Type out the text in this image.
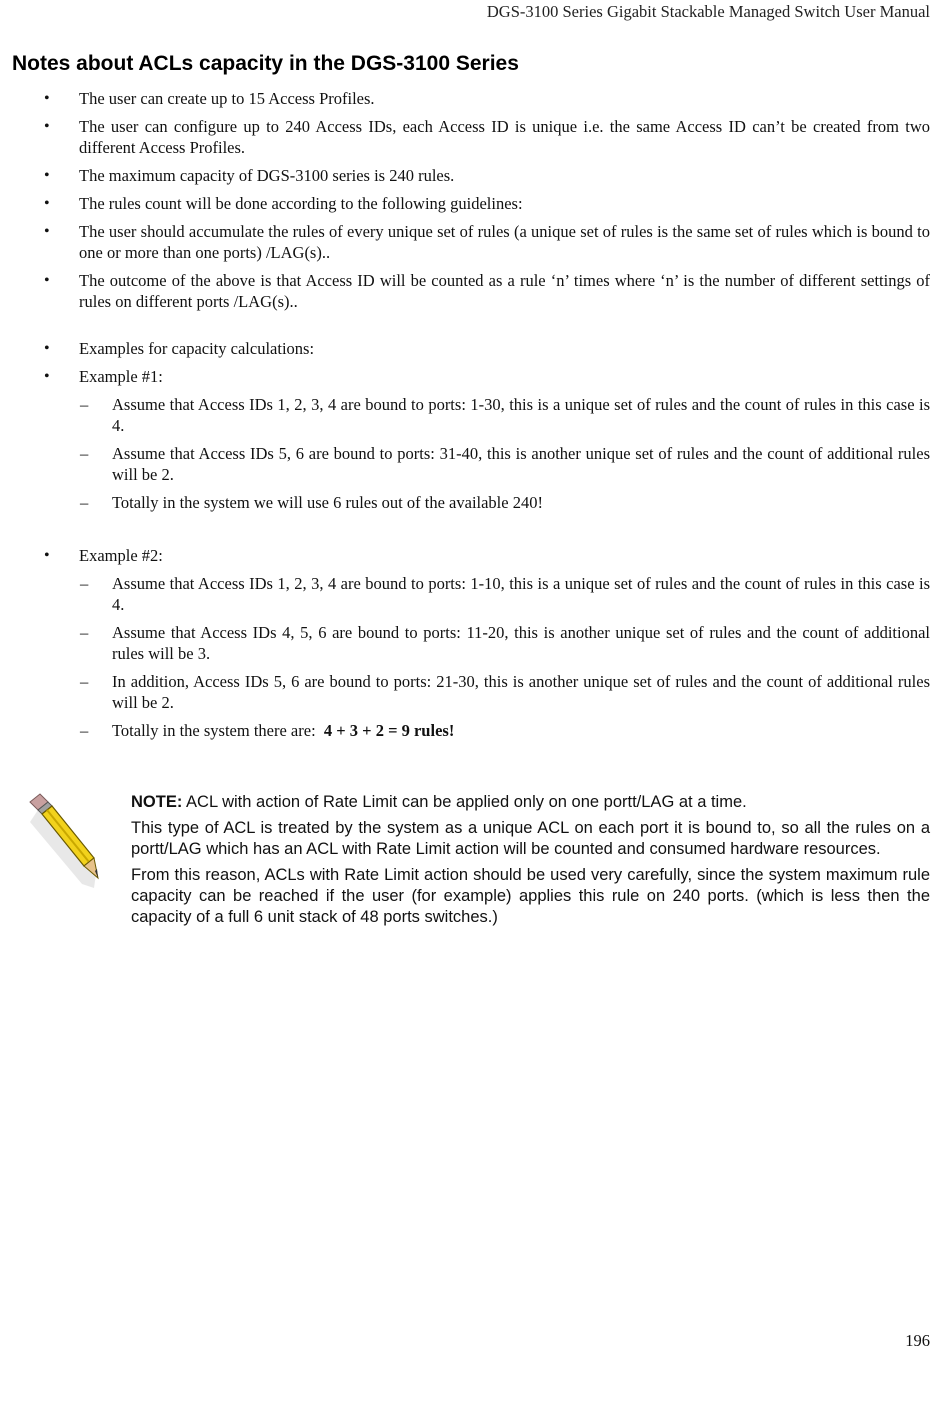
DGS-3100 Series Gigabit Stackable Managed Switch User Manual
Notes about ACLs capacity in the DGS-3100 Series
• The user can create up to 15 Access Profiles.
• The user can configure up to 240 Access IDs, each Access ID is unique i.e. the same Access ID can’t be created from two different Access Profiles.
• The maximum capacity of DGS-3100 series is 240 rules.
• The rules count will be done according to the following guidelines:
• The user should accumulate the rules of every unique set of rules (a unique set of rules is the same set of rules which is bound to one or more than one ports) /LAG(s)..
• The outcome of the above is that Access ID will be counted as a rule ‘n’ times where ‘n’ is the number of different settings of rules on different ports /LAG(s)..
• Examples for capacity calculations:
• Example #1:
– Assume that Access IDs 1, 2, 3, 4 are bound to ports: 1-30, this is a unique set of rules and the count of rules in this case is 4.
– Assume that Access IDs 5, 6 are bound to ports: 31-40, this is another unique set of rules and the count of additional rules will be 2.
– Totally in the system we will use 6 rules out of the available 240!
• Example #2:
– Assume that Access IDs 1, 2, 3, 4 are bound to ports: 1-10, this is a unique set of rules and the count of rules in this case is 4.
– Assume that Access IDs 4, 5, 6 are bound to ports: 11-20, this is another unique set of rules and the count of additional rules will be 3.
– In addition, Access IDs 5, 6 are bound to ports: 21-30, this is another unique set of rules and the count of additional rules will be 2.
– Totally in the system there are:  4 + 3 + 2 = 9 rules!

NOTE: ACL with action of Rate Limit can be applied only on one portt/LAG at a time.

This type of ACL is treated by the system as a unique ACL on each port it is bound to, so all the rules on a portt/LAG which has an ACL with Rate Limit action will be counted and consumed hardware resources.

From this reason, ACLs with Rate Limit action should be used very carefully, since the system maximum rule capacity can be reached if the user (for example) applies this rule on 240 ports. (which is less then the capacity of a full 6 unit stack of 48 ports switches.)

196
